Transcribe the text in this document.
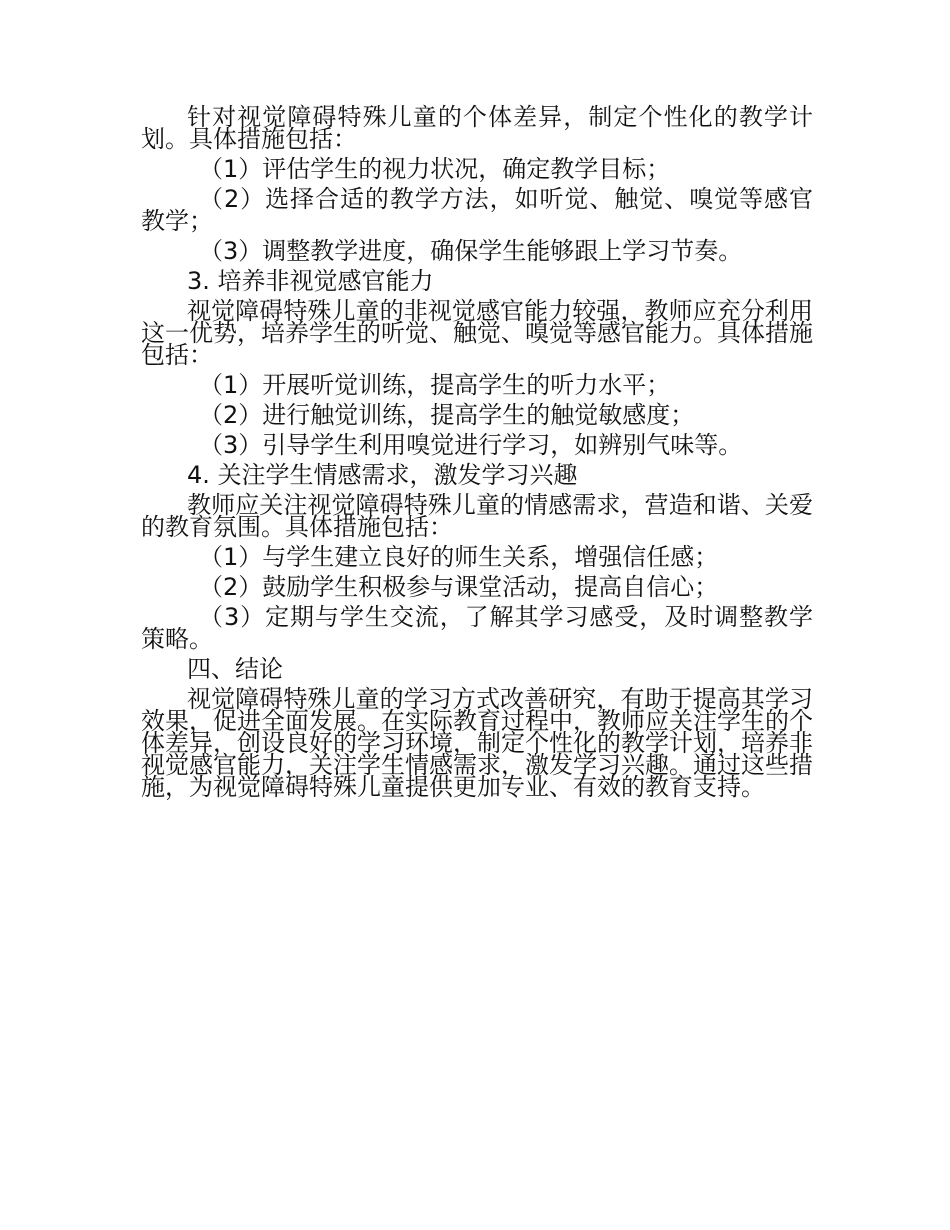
针对视觉障碍特殊儿童的个体差异，制定个性化的教学计划。具体措施包括：

（1）评估学生的视力状况，确定教学目标；

（2）选择合适的教学方法，如听觉、触觉、嗅觉等感官教学；

（3）调整教学进度，确保学生能够跟上学习节奏。

3. 培养非视觉感官能力

视觉障碍特殊儿童的非视觉感官能力较强，教师应充分利用这一优势，培养学生的听觉、触觉、嗅觉等感官能力。具体措施包括：

（1）开展听觉训练，提高学生的听力水平；

（2）进行触觉训练，提高学生的触觉敏感度；

（3）引导学生利用嗅觉进行学习，如辨别气味等。

4. 关注学生情感需求，激发学习兴趣

教师应关注视觉障碍特殊儿童的情感需求，营造和谐、关爱的教育氛围。具体措施包括：

（1）与学生建立良好的师生关系，增强信任感；

（2）鼓励学生积极参与课堂活动，提高自信心；

（3）定期与学生交流，了解其学习感受，及时调整教学策略。

四、结论

视觉障碍特殊儿童的学习方式改善研究，有助于提高其学习效果，促进全面发展。在实际教育过程中，教师应关注学生的个体差异，创设良好的学习环境，制定个性化的教学计划，培养非视觉感官能力，关注学生情感需求，激发学习兴趣。通过这些措施，为视觉障碍特殊儿童提供更加专业、有效的教育支持。
